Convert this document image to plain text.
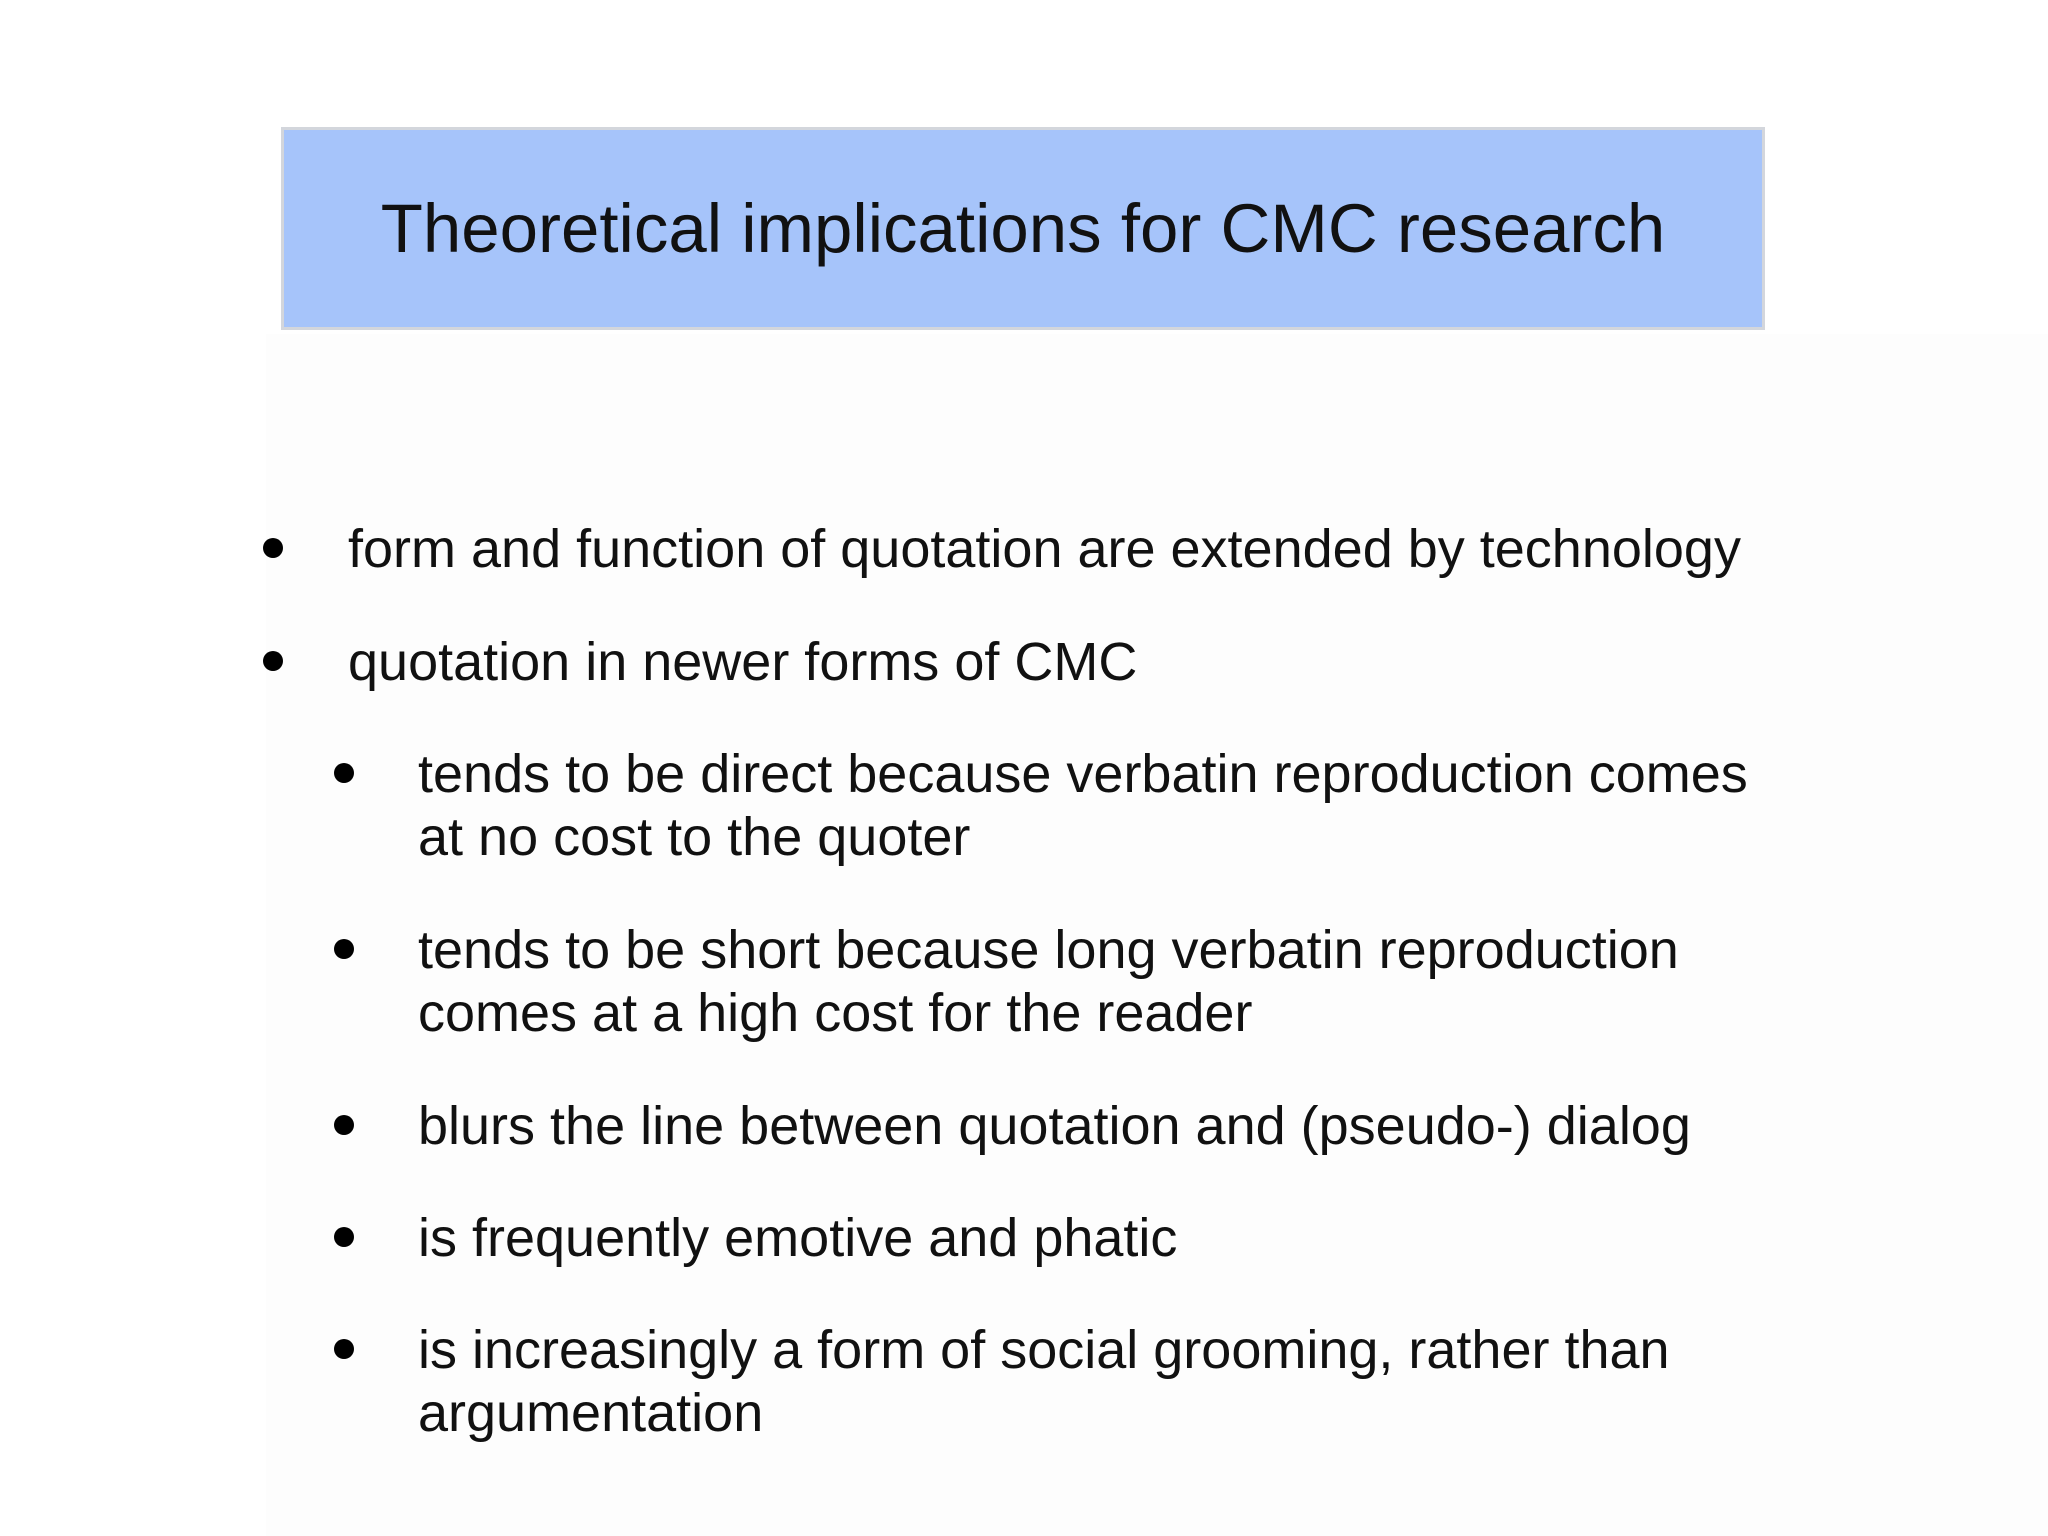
Theoretical implications for CMC research
form and function of quotation are extended by technology
quotation in newer forms of CMC
tends to be direct because verbatin reproduction comes
at no cost to the quoter
tends to be short because long verbatin reproduction
comes at a high cost for the reader
blurs the line between quotation and (pseudo-) dialog
is frequently emotive and phatic
is increasingly a form of social grooming, rather than
argumentation
